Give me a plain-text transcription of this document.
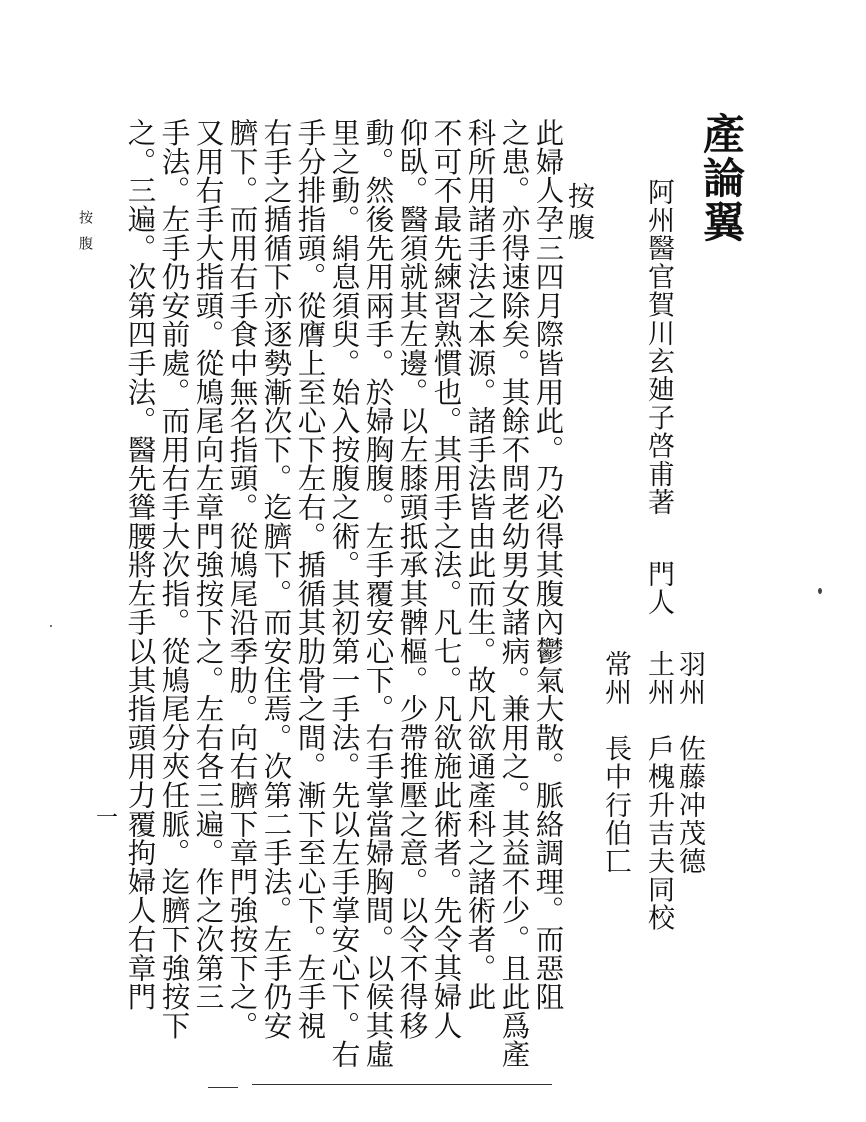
產論翼
阿州醫官賀川玄廸子啓甫著
門人
羽州　佐藤冲茂德
土州　戶槐升吉夫同校
常州　長中行伯匸
按腹
此婦人孕三四月際皆用此。乃必得其腹內鬱氣大散。脈絡調理。而惡阻
之患。亦得速除矣。其餘不問老幼男女諸病。兼用之。其益不少。且此爲產
科所用諸手法之本源。諸手法皆由此而生。故凡欲通產科之諸術者。此
不可不最先練習熟慣也。其用手之法。凡七。凡欲施此術者。先令其婦人
仰臥。醫須就其左邊。以左膝頭抵承其髀樞。少帶推壓之意。以令不得移
動。然後先用兩手。於婦胸腹。左手覆安心下。右手掌當婦胸間。以候其虛
里之動。絹息須臾。始入按腹之術。其初第一手法。先以左手掌安心下。右
手分排指頭。從膺上至心下左右。揗循其肋骨之間。漸下至心下。左手視
右手之揗循下亦逐勢漸次下。迄臍下。而安住焉。次第二手法。左手仍安
臍下。而用右手食中無名指頭。從鳩尾沿季肋。向右臍下章門強按下之。
又用右手大指頭。從鳩尾向左章門強按下之。左右各三遍。作之次第三
手法。左手仍安前處。而用右手大次指。從鳩尾分夾任脈。迄臍下強按下
之。三遍。次第四手法。醫先聳腰將左手以其指頭用力覆拘婦人右章門
按腹
一
